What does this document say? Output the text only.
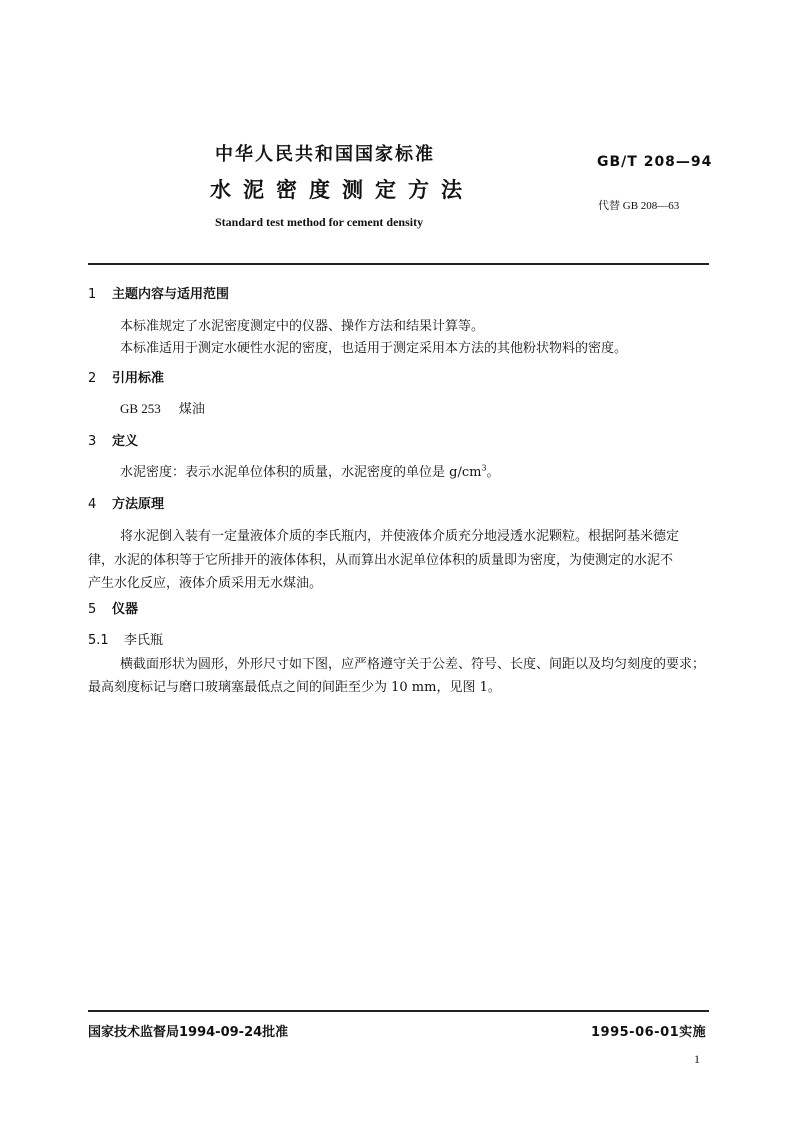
中华人民共和国国家标准
水泥密度测定方法
Standard test method for cement density
GB/T 208—94
代替 GB 208—63
1 主题内容与适用范围
本标准规定了水泥密度测定中的仪器、操作方法和结果计算等。
本标准适用于测定水硬性水泥的密度，也适用于测定采用本方法的其他粉状物料的密度。
2 引用标准
GB 253 煤油
3 定义
水泥密度：表示水泥单位体积的质量，水泥密度的单位是 $g/cm^3$。
4 方法原理
将水泥倒入装有一定量液体介质的李氏瓶内，并使液体介质充分地浸透水泥颗粒。根据阿基米德定
律，水泥的体积等于它所排开的液体体积，从而算出水泥单位体积的质量即为密度，为使测定的水泥不
产生水化反应，液体介质采用无水煤油。
5 仪器
5.1 李氏瓶
横截面形状为圆形，外形尺寸如下图，应严格遵守关于公差、符号、长度、间距以及均匀刻度的要求；
最高刻度标记与磨口玻璃塞最低点之间的间距至少为 10 mm，见图 1。
国家技术监督局1994-09-24批准	1995-06-01实施
1
